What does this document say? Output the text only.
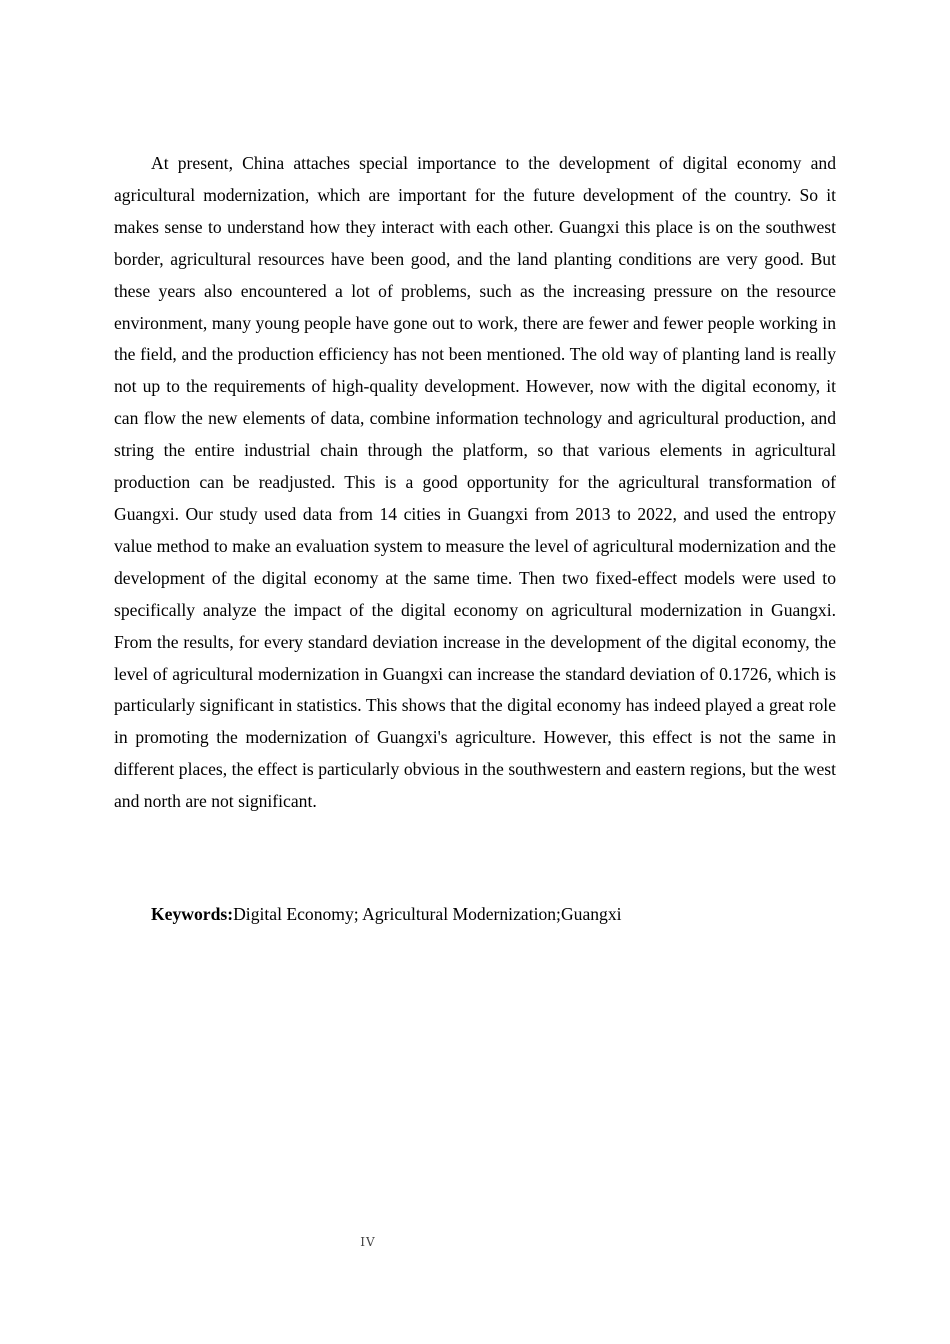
At present, China attaches special importance to the development of digital economy and agricultural modernization, which are important for the future development of the country. So it makes sense to understand how they interact with each other. Guangxi this place is on the southwest border, agricultural resources have been good, and the land planting conditions are very good. But these years also encountered a lot of problems, such as the increasing pressure on the resource environment, many young people have gone out to work, there are fewer and fewer people working in the field, and the production efficiency has not been mentioned. The old way of planting land is really not up to the requirements of high-quality development. However, now with the digital economy, it can flow the new elements of data, combine information technology and agricultural production, and string the entire industrial chain through the platform, so that various elements in agricultural production can be readjusted. This is a good opportunity for the agricultural transformation of Guangxi. Our study used data from 14 cities in Guangxi from 2013 to 2022, and used the entropy value method to make an evaluation system to measure the level of agricultural modernization and the development of the digital economy at the same time. Then two fixed-effect models were used to specifically analyze the impact of the digital economy on agricultural modernization in Guangxi. From the results, for every standard deviation increase in the development of the digital economy, the level of agricultural modernization in Guangxi can increase the standard deviation of 0.1726, which is particularly significant in statistics. This shows that the digital economy has indeed played a great role in promoting the modernization of Guangxi's agriculture. However, this effect is not the same in different places, the effect is particularly obvious in the southwestern and eastern regions, but the west and north are not significant.

Keywords:Digital Economy; Agricultural Modernization;Guangxi

IV
